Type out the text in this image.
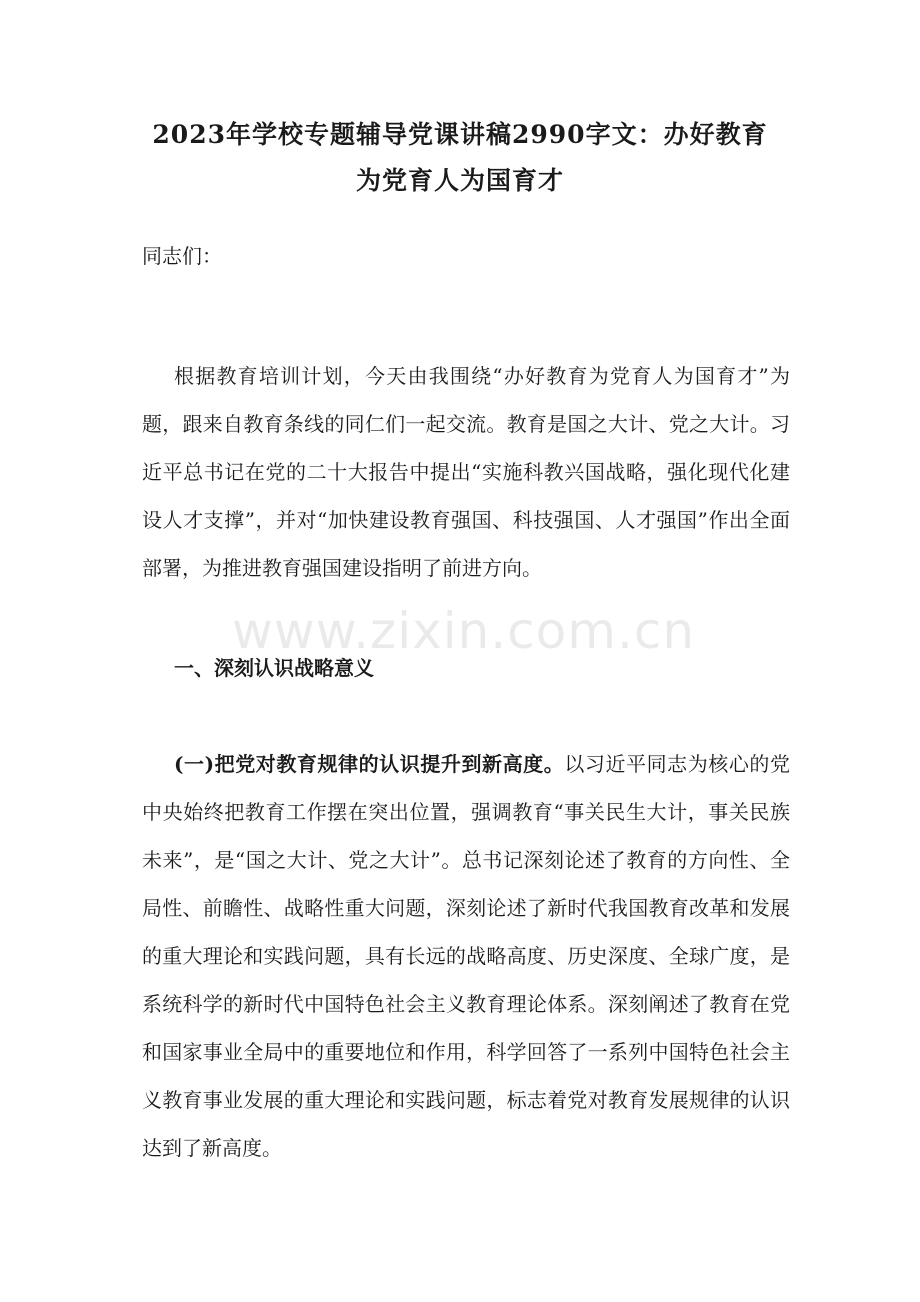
2023年学校专题辅导党课讲稿2990字文：办好教育
为党育人为国育才

同志们：

根据教育培训计划，今天由我围绕“办好教育为党育人为国育才”为题，跟来自教育条线的同仁们一起交流。教育是国之大计、党之大计。习近平总书记在党的二十大报告中提出“实施科教兴国战略，强化现代化建设人才支撑”，并对“加快建设教育强国、科技强国、人才强国”作出全面部署，为推进教育强国建设指明了前进方向。

一、深刻认识战略意义

(一)把党对教育规律的认识提升到新高度。以习近平同志为核心的党中央始终把教育工作摆在突出位置，强调教育“事关民生大计，事关民族未来”，是“国之大计、党之大计”。总书记深刻论述了教育的方向性、全局性、前瞻性、战略性重大问题，深刻论述了新时代我国教育改革和发展的重大理论和实践问题，具有长远的战略高度、历史深度、全球广度，是系统科学的新时代中国特色社会主义教育理论体系。深刻阐述了教育在党和国家事业全局中的重要地位和作用，科学回答了一系列中国特色社会主义教育事业发展的重大理论和实践问题，标志着党对教育发展规律的认识达到了新高度。

www.zixin.com.cn
